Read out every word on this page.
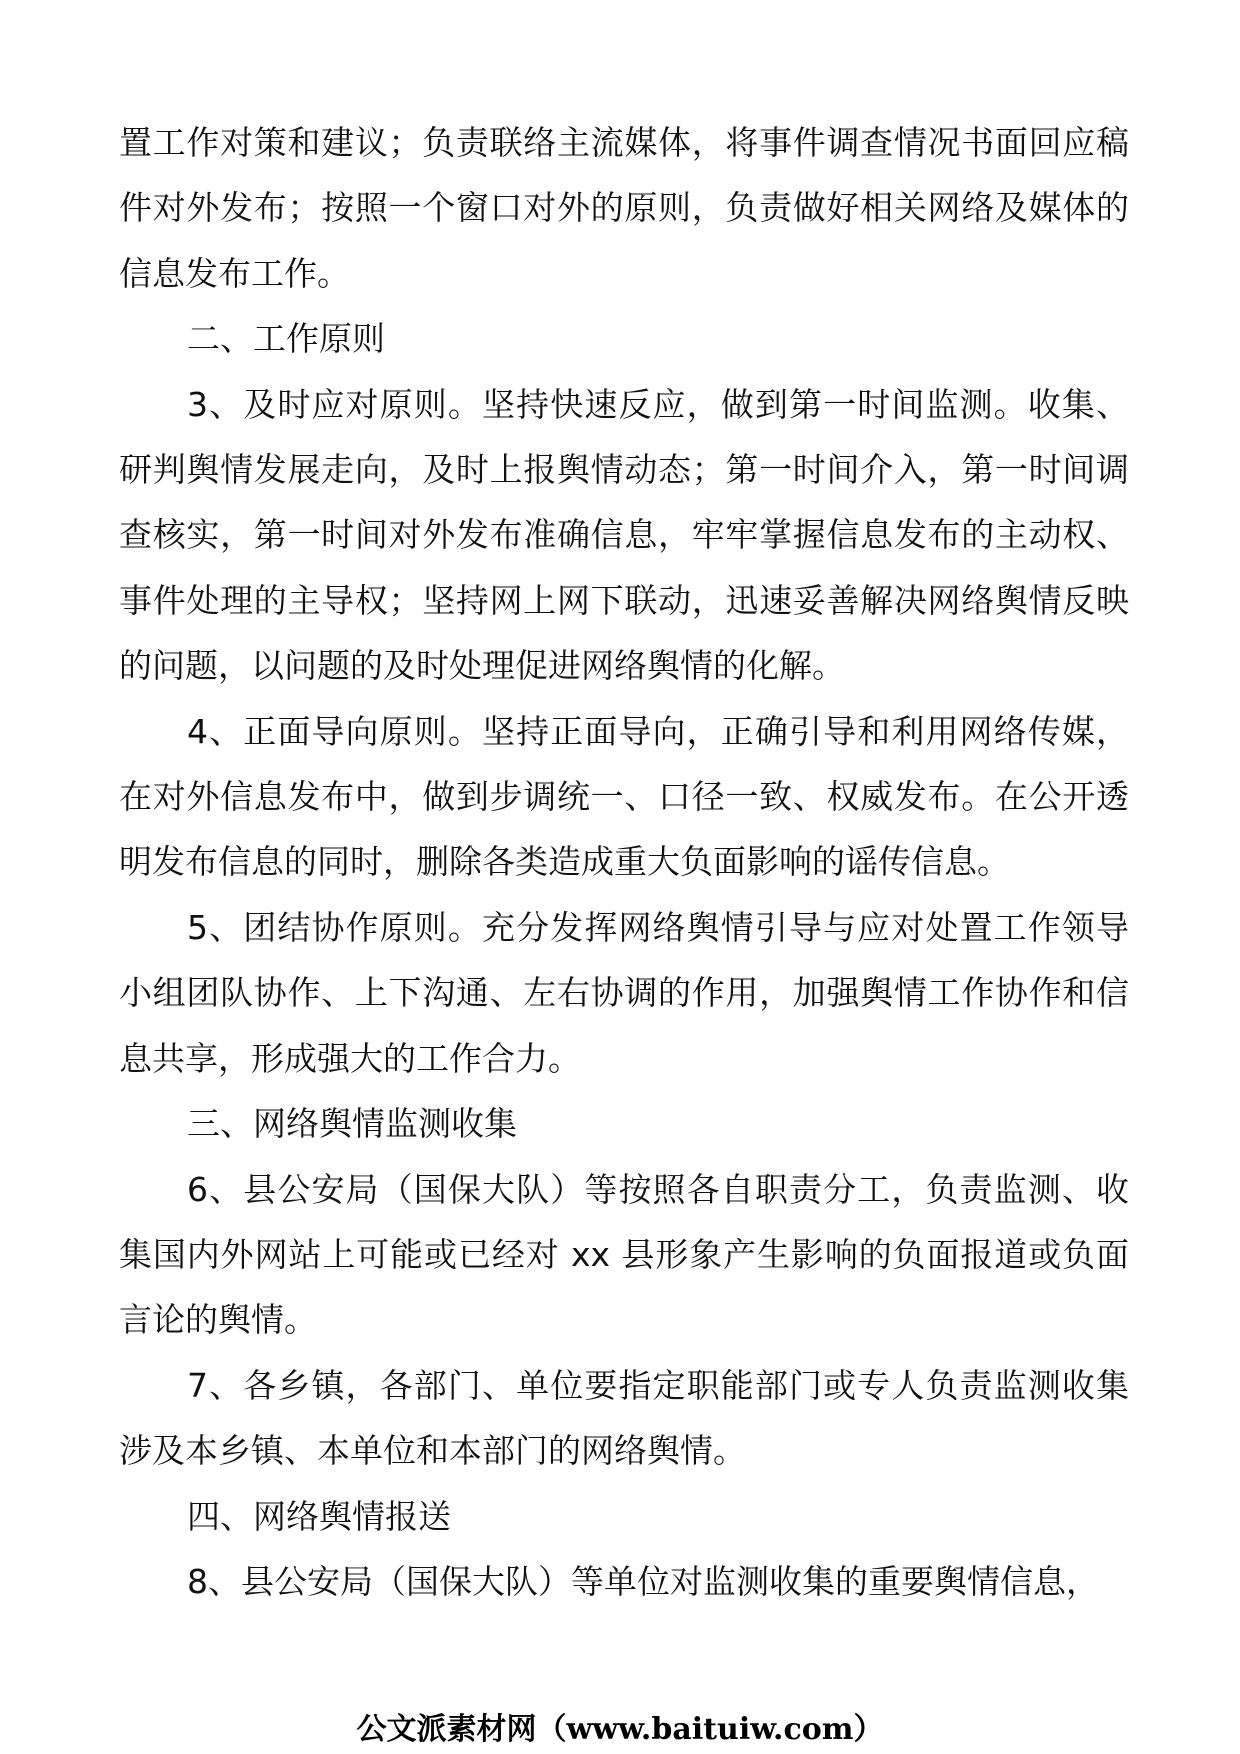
置工作对策和建议；负责联络主流媒体，将事件调查情况书面回应稿件对外发布；按照一个窗口对外的原则，负责做好相关网络及媒体的信息发布工作。

二、工作原则

3、及时应对原则。坚持快速反应，做到第一时间监测。收集、研判舆情发展走向，及时上报舆情动态；第一时间介入，第一时间调查核实，第一时间对外发布准确信息，牢牢掌握信息发布的主动权、事件处理的主导权；坚持网上网下联动，迅速妥善解决网络舆情反映的问题，以问题的及时处理促进网络舆情的化解。

4、正面导向原则。坚持正面导向，正确引导和利用网络传媒，在对外信息发布中，做到步调统一、口径一致、权威发布。在公开透明发布信息的同时，删除各类造成重大负面影响的谣传信息。

5、团结协作原则。充分发挥网络舆情引导与应对处置工作领导小组团队协作、上下沟通、左右协调的作用，加强舆情工作协作和信息共享，形成强大的工作合力。

三、网络舆情监测收集

6、县公安局（国保大队）等按照各自职责分工，负责监测、收集国内外网站上可能或已经对 xx 县形象产生影响的负面报道或负面言论的舆情。

7、各乡镇，各部门、单位要指定职能部门或专人负责监测收集涉及本乡镇、本单位和本部门的网络舆情。

四、网络舆情报送

8、县公安局（国保大队）等单位对监测收集的重要舆情信息，

公文派素材网（www.baituiw.com）
